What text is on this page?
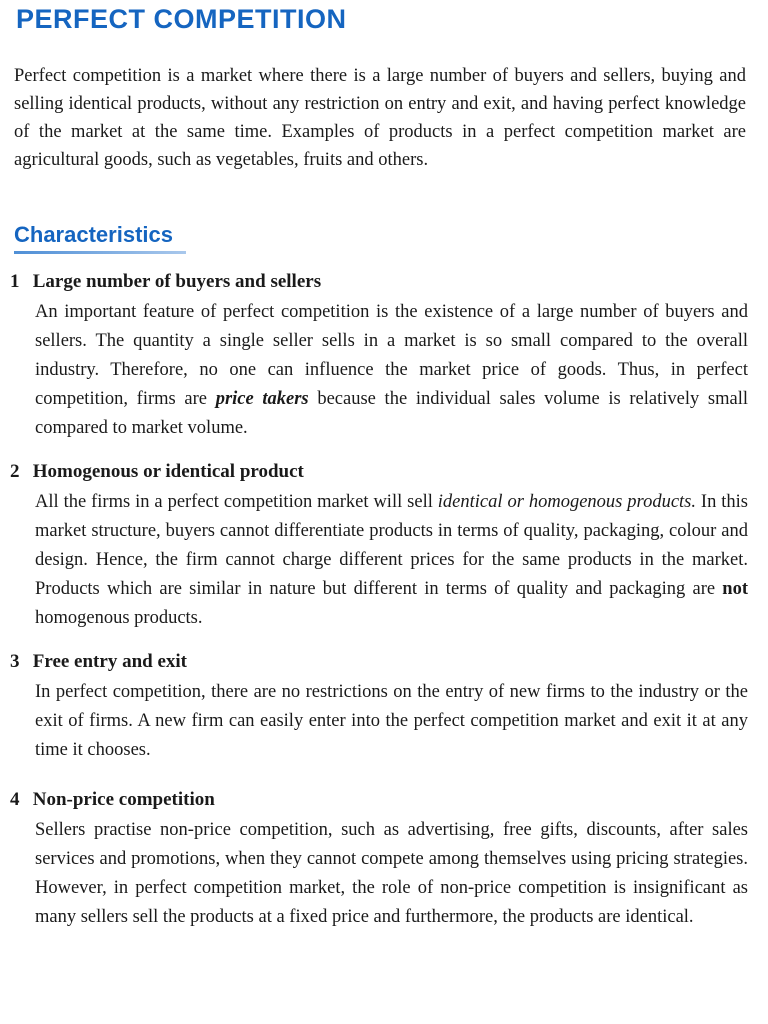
PERFECT COMPETITION

Perfect competition is a market where there is a large number of buyers and sellers, buying and selling identical products, without any restriction on entry and exit, and having perfect knowledge of the market at the same time. Examples of products in a perfect competition market are agricultural goods, such as vegetables, fruits and others.

Characteristics

1 Large number of buyers and sellers

An important feature of perfect competition is the existence of a large number of buyers and sellers. The quantity a single seller sells in a market is so small compared to the overall industry. Therefore, no one can influence the market price of goods. Thus, in perfect competition, firms are price takers because the individual sales volume is relatively small compared to market volume.

2 Homogenous or identical product

All the firms in a perfect competition market will sell identical or homogenous products. In this market structure, buyers cannot differentiate products in terms of quality, packaging, colour and design. Hence, the firm cannot charge different prices for the same products in the market. Products which are similar in nature but different in terms of quality and packaging are not homogenous products.

3 Free entry and exit

In perfect competition, there are no restrictions on the entry of new firms to the industry or the exit of firms. A new firm can easily enter into the perfect competition market and exit it at any time it chooses.

4 Non-price competition

Sellers practise non-price competition, such as advertising, free gifts, discounts, after sales services and promotions, when they cannot compete among themselves using pricing strategies. However, in perfect competition market, the role of non-price competition is insignificant as many sellers sell the products at a fixed price and furthermore, the products are identical.
